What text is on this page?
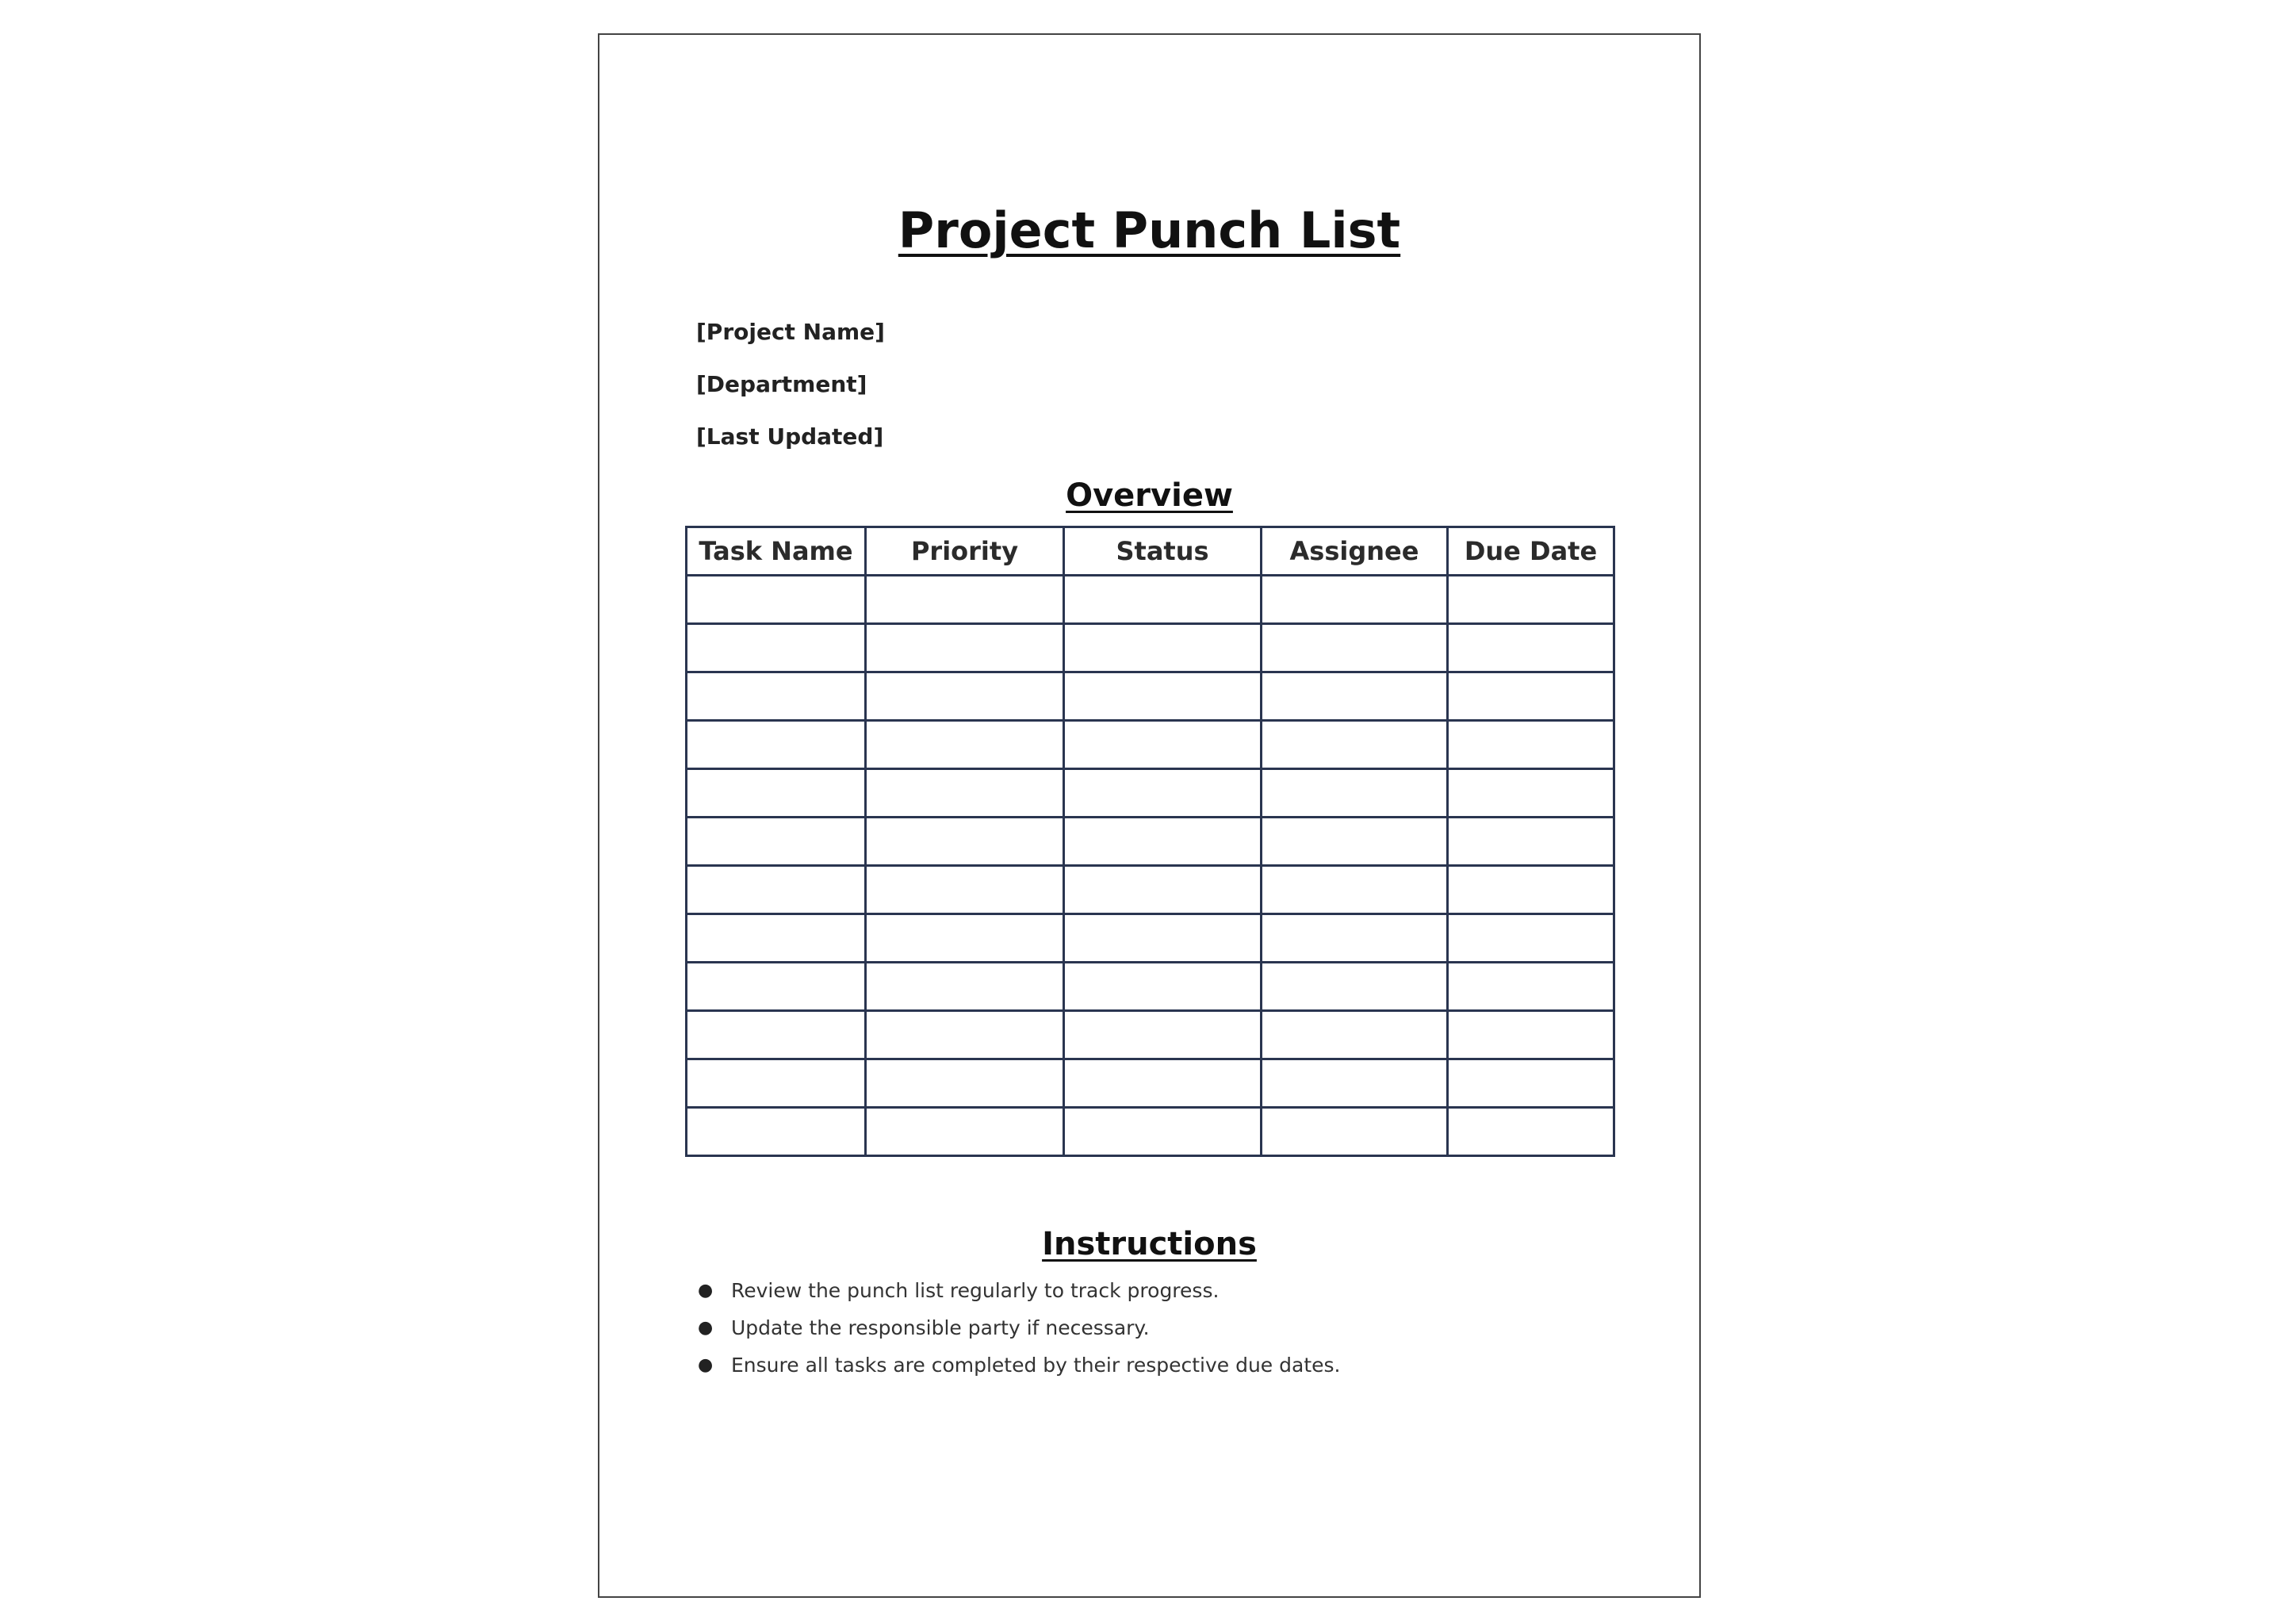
Project Punch List

[Project Name]

[Department]

[Last Updated]

Overview
Task Name	Priority	Status	Assignee	Due Date

Instructions
● Review the punch list regularly to track progress.
● Update the responsible party if necessary.
● Ensure all tasks are completed by their respective due dates.
